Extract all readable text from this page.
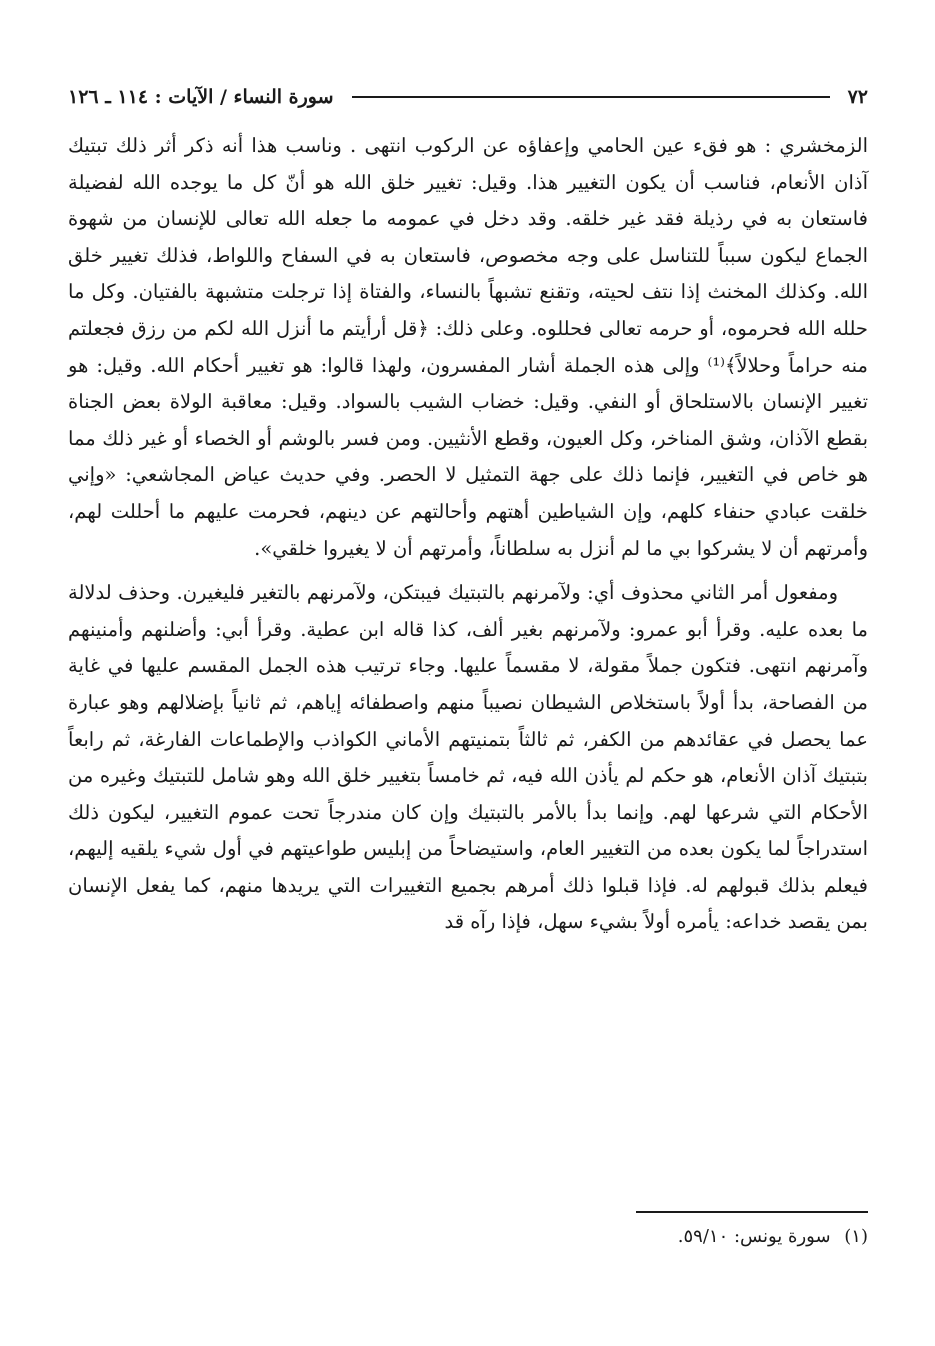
٧٢
سورة النساء / الآيات : ١١٤ ـ ١٢٦

الزمخشري : هو فقء عين الحامي وإعفاؤه عن الركوب انتهى . وناسب هذا أنه ذكر أثر ذلك تبتيك آذان الأنعام، فناسب أن يكون التغيير هذا. وقيل: تغيير خلق الله هو أنّ كل ما يوجده الله لفضيلة فاستعان به في رذيلة فقد غير خلقه. وقد دخل في عمومه ما جعله الله تعالى للإنسان من شهوة الجماع ليكون سبباً للتناسل على وجه مخصوص، فاستعان به في السفاح واللواط، فذلك تغيير خلق الله. وكذلك المخنث إذا نتف لحيته، وتقنع تشبهاً بالنساء، والفتاة إذا ترجلت متشبهة بالفتيان. وكل ما حلله الله فحرموه، أو حرمه تعالى فحللوه. وعلى ذلك: ﴿قل أرأيتم ما أنزل الله لكم من رزق فجعلتم منه حراماً وحلالاً﴾⁽¹⁾ وإلى هذه الجملة أشار المفسرون، ولهذا قالوا: هو تغيير أحكام الله. وقيل: هو تغيير الإنسان بالاستلحاق أو النفي. وقيل: خضاب الشيب بالسواد. وقيل: معاقبة الولاة بعض الجناة بقطع الآذان، وشق المناخر، وكل العيون، وقطع الأنثيين. ومن فسر بالوشم أو الخصاء أو غير ذلك مما هو خاص في التغيير، فإنما ذلك على جهة التمثيل لا الحصر. وفي حديث عياض المجاشعي: «وإني خلقت عبادي حنفاء كلهم، وإن الشياطين أهتهم وأحالتهم عن دينهم، فحرمت عليهم ما أحللت لهم، وأمرتهم أن لا يشركوا بي ما لم أنزل به سلطاناً، وأمرتهم أن لا يغيروا خلقي».

ومفعول أمر الثاني محذوف أي: ولآمرنهم بالتبتيك فيبتكن، ولآمرنهم بالتغير فليغيرن. وحذف لدلالة ما بعده عليه. وقرأ أبو عمرو: ولآمرنهم بغير ألف، كذا قاله ابن عطية. وقرأ أبي: وأضلنهم وأمنينهم وآمرنهم انتهى. فتكون جملاً مقولة، لا مقسماً عليها. وجاء ترتيب هذه الجمل المقسم عليها في غاية من الفصاحة، بدأ أولاً باستخلاص الشيطان نصيباً منهم واصطفائه إياهم، ثم ثانياً بإضلالهم وهو عبارة عما يحصل في عقائدهم من الكفر، ثم ثالثاً بتمنيتهم الأماني الكواذب والإطماعات الفارغة، ثم رابعاً بتبتيك آذان الأنعام، هو حكم لم يأذن الله فيه، ثم خامساً بتغيير خلق الله وهو شامل للتبتيك وغيره من الأحكام التي شرعها لهم. وإنما بدأ بالأمر بالتبتيك وإن كان مندرجاً تحت عموم التغيير، ليكون ذلك استدراجاً لما يكون بعده من التغيير العام، واستيضاحاً من إبليس طواعيتهم في أول شيء يلقيه إليهم، فيعلم بذلك قبولهم له. فإذا قبلوا ذلك أمرهم بجميع التغييرات التي يريدها منهم، كما يفعل الإنسان بمن يقصد خداعه: يأمره أولاً بشيء سهل، فإذا رآه قد

(١) سورة يونس: ٥٩/١٠.
